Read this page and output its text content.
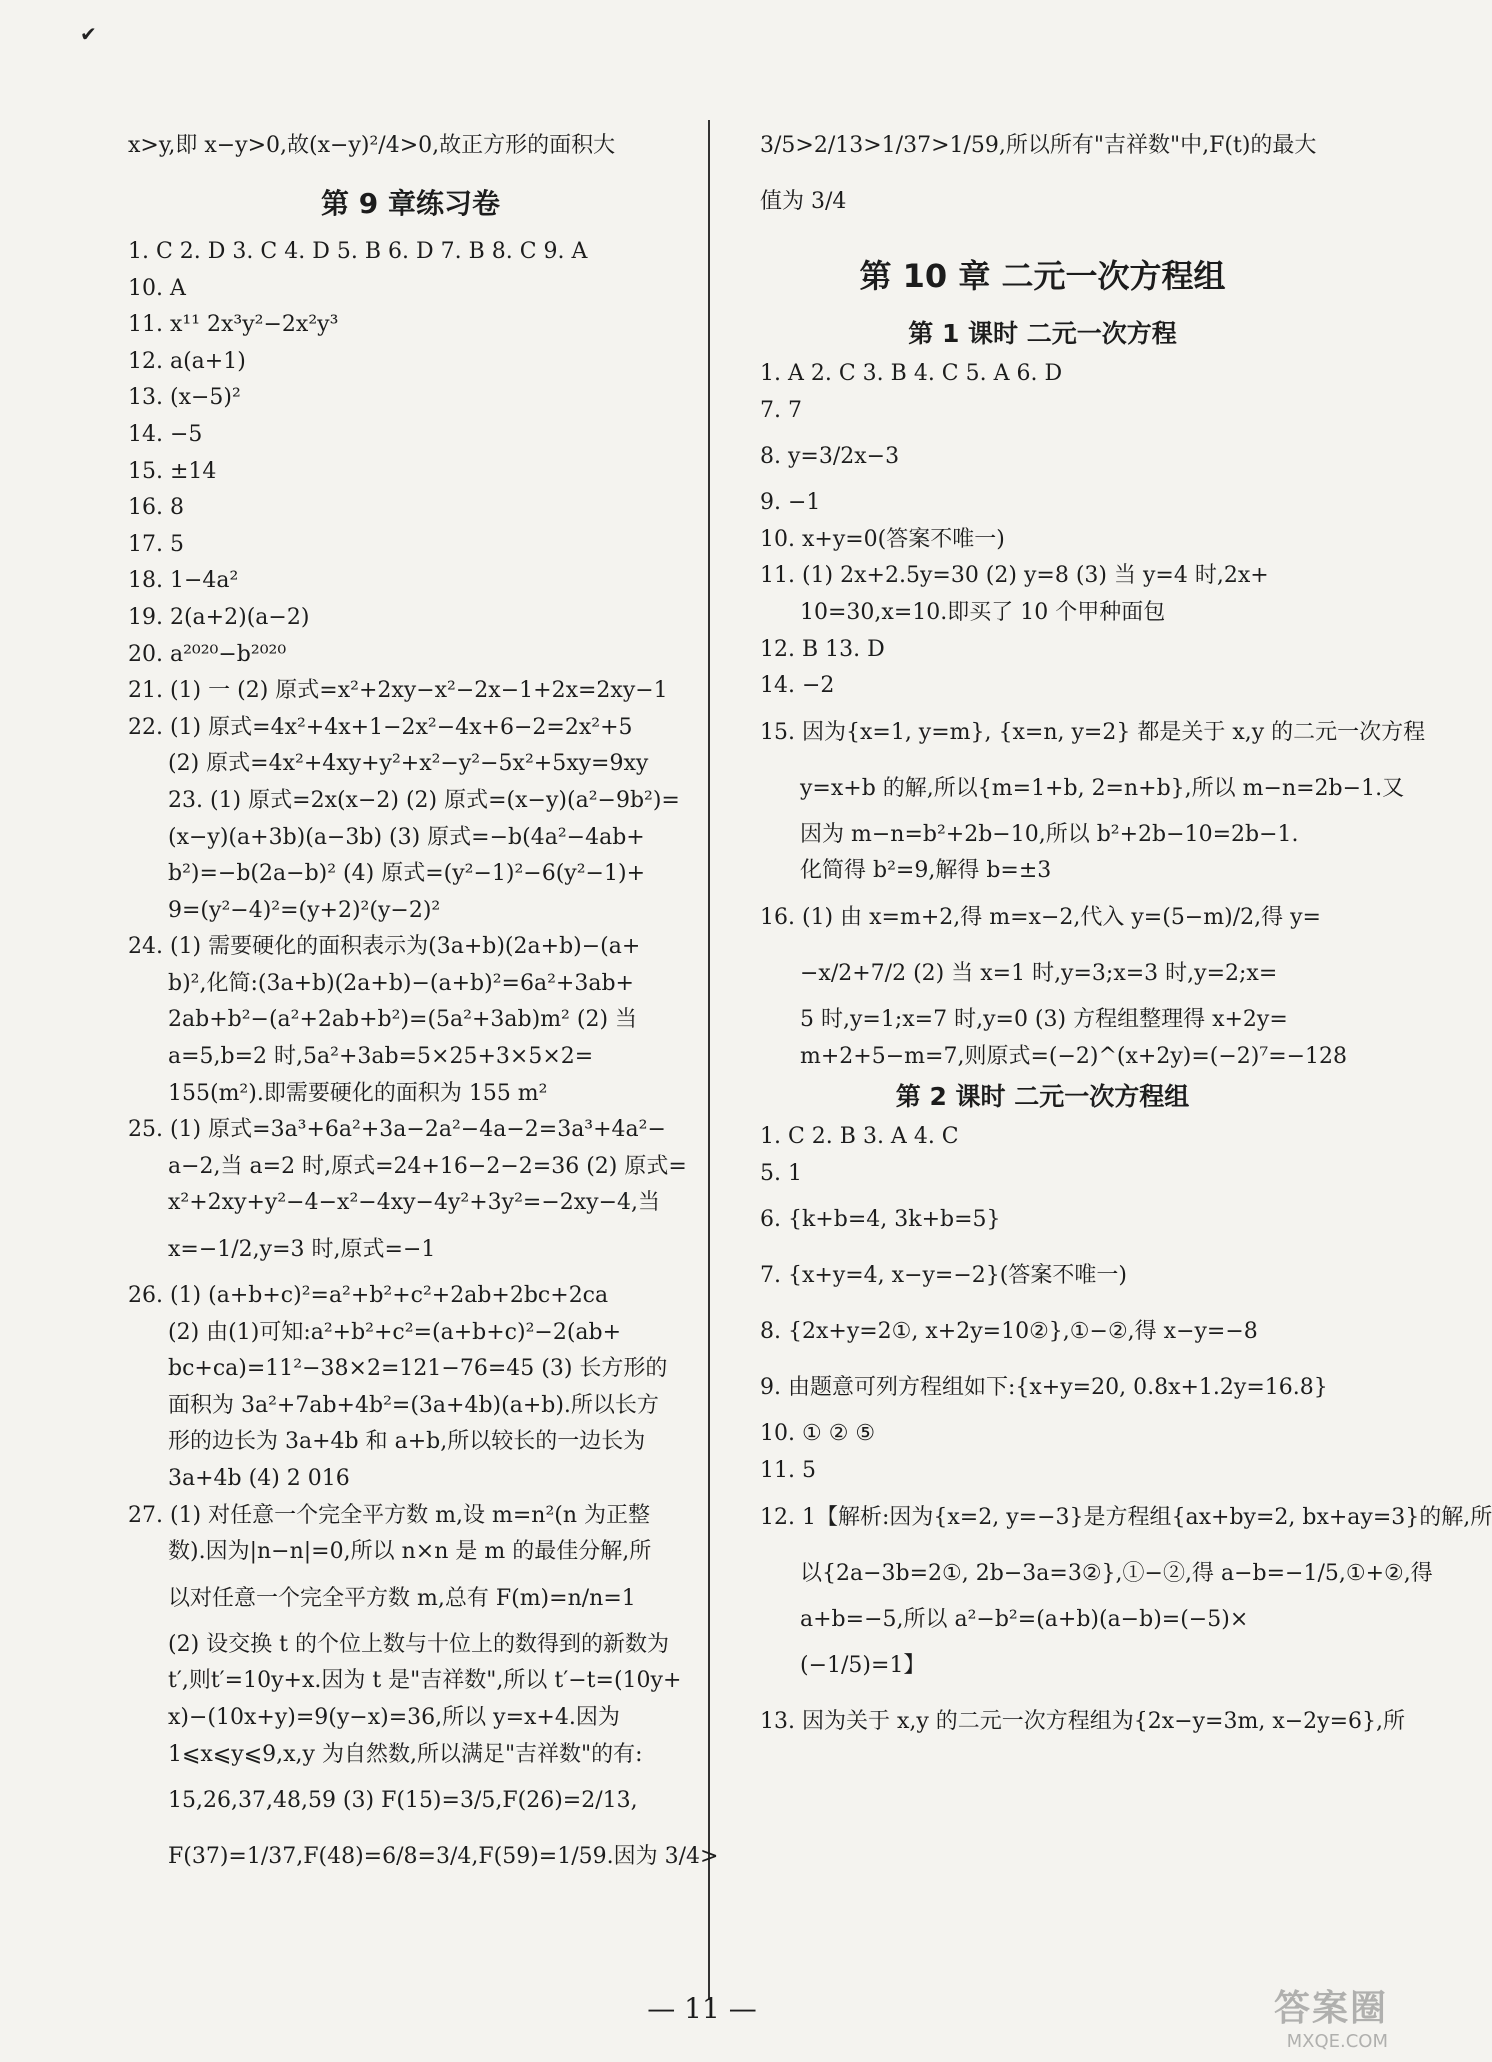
✔
x>y,即 x−y>0,故(x−y)²/4>0,故正方形的面积大
第 9 章练习卷
1. C 2. D 3. C 4. D 5. B 6. D 7. B 8. C 9. A
10. A
11. x¹¹ 2x³y²−2x²y³
12. a(a+1)
13. (x−5)²
14. −5
15. ±14
16. 8
17. 5
18. 1−4a²
19. 2(a+2)(a−2)
20. a²⁰²⁰−b²⁰²⁰
21. (1) 一 (2) 原式=x²+2xy−x²−2x−1+2x=2xy−1
22. (1) 原式=4x²+4x+1−2x²−4x+6−2=2x²+5
(2) 原式=4x²+4xy+y²+x²−y²−5x²+5xy=9xy
23. (1) 原式=2x(x−2) (2) 原式=(x−y)(a²−9b²)=
(x−y)(a+3b)(a−3b) (3) 原式=−b(4a²−4ab+
b²)=−b(2a−b)² (4) 原式=(y²−1)²−6(y²−1)+
9=(y²−4)²=(y+2)²(y−2)²
24. (1) 需要硬化的面积表示为(3a+b)(2a+b)−(a+
b)²,化简:(3a+b)(2a+b)−(a+b)²=6a²+3ab+
2ab+b²−(a²+2ab+b²)=(5a²+3ab)m² (2) 当
a=5,b=2 时,5a²+3ab=5×25+3×5×2=
155(m²).即需要硬化的面积为 155 m²
25. (1) 原式=3a³+6a²+3a−2a²−4a−2=3a³+4a²−
a−2,当 a=2 时,原式=24+16−2−2=36 (2) 原式=
x²+2xy+y²−4−x²−4xy−4y²+3y²=−2xy−4,当
x=−1/2,y=3 时,原式=−1
26. (1) (a+b+c)²=a²+b²+c²+2ab+2bc+2ca
(2) 由(1)可知:a²+b²+c²=(a+b+c)²−2(ab+
bc+ca)=11²−38×2=121−76=45 (3) 长方形的
面积为 3a²+7ab+4b²=(3a+4b)(a+b).所以长方
形的边长为 3a+4b 和 a+b,所以较长的一边长为
3a+4b (4) 2 016
27. (1) 对任意一个完全平方数 m,设 m=n²(n 为正整
数).因为|n−n|=0,所以 n×n 是 m 的最佳分解,所
以对任意一个完全平方数 m,总有 F(m)=n/n=1
(2) 设交换 t 的个位上数与十位上的数得到的新数为
t′,则t′=10y+x.因为 t 是"吉祥数",所以 t′−t=(10y+
x)−(10x+y)=9(y−x)=36,所以 y=x+4.因为
1⩽x⩽y⩽9,x,y 为自然数,所以满足"吉祥数"的有:
15,26,37,48,59 (3) F(15)=3/5,F(26)=2/13,
F(37)=1/37,F(48)=6/8=3/4,F(59)=1/59.因为 3/4>
3/5>2/13>1/37>1/59,所以所有"吉祥数"中,F(t)的最大
值为 3/4
第 10 章 二元一次方程组
第 1 课时 二元一次方程
1. A 2. C 3. B 4. C 5. A 6. D
7. 7
8. y=3/2x−3
9. −1
10. x+y=0(答案不唯一)
11. (1) 2x+2.5y=30 (2) y=8 (3) 当 y=4 时,2x+
10=30,x=10.即买了 10 个甲种面包
12. B 13. D
14. −2
15. 因为{x=1, y=m}, {x=n, y=2} 都是关于 x,y 的二元一次方程
y=x+b 的解,所以{m=1+b, 2=n+b},所以 m−n=2b−1.又
因为 m−n=b²+2b−10,所以 b²+2b−10=2b−1.
化简得 b²=9,解得 b=±3
16. (1) 由 x=m+2,得 m=x−2,代入 y=(5−m)/2,得 y=
−x/2+7/2 (2) 当 x=1 时,y=3;x=3 时,y=2;x=
5 时,y=1;x=7 时,y=0 (3) 方程组整理得 x+2y=
m+2+5−m=7,则原式=(−2)^(x+2y)=(−2)⁷=−128
第 2 课时 二元一次方程组
1. C 2. B 3. A 4. C
5. 1
6. {k+b=4, 3k+b=5}
7. {x+y=4, x−y=−2}(答案不唯一)
8. {2x+y=2①, x+2y=10②},①−②,得 x−y=−8
9. 由题意可列方程组如下:{x+y=20, 0.8x+1.2y=16.8}
10. ① ② ⑤
11. 5
12. 1【解析:因为{x=2, y=−3}是方程组{ax+by=2, bx+ay=3}的解,所
以{2a−3b=2①, 2b−3a=3②},①−②,得 a−b=−1/5,①+②,得
a+b=−5,所以 a²−b²=(a+b)(a−b)=(−5)×
(−1/5)=1】
13. 因为关于 x,y 的二元一次方程组为{2x−y=3m, x−2y=6},所
— 11 —	答案圈
MXQE.COM
